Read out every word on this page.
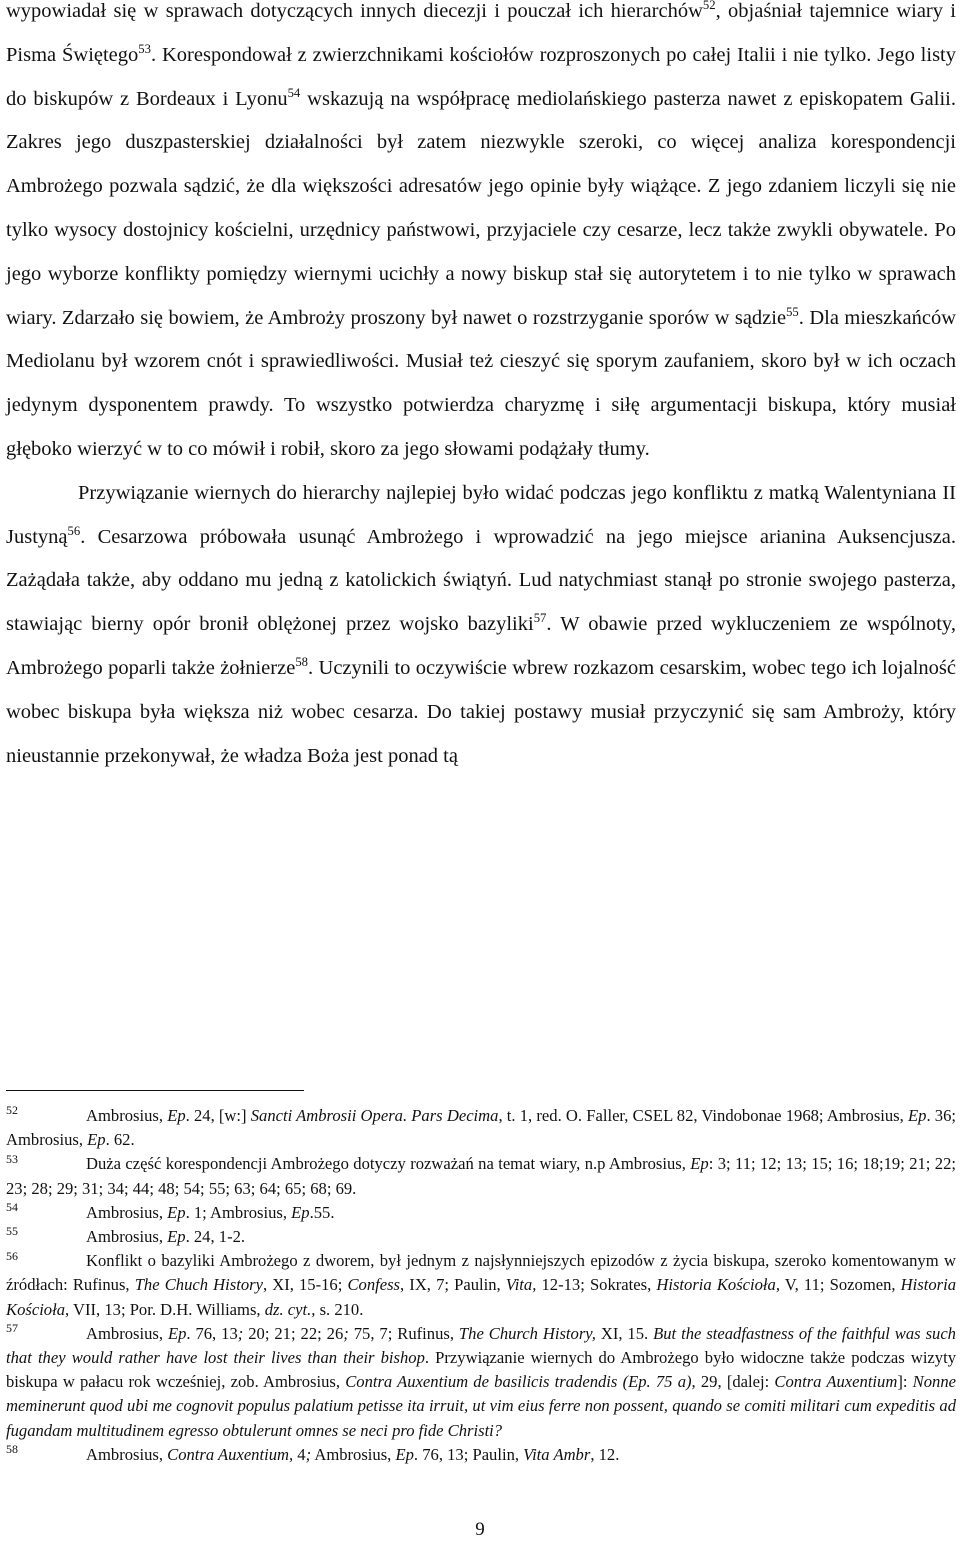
wypowiadał się w sprawach dotyczących innych diecezji i pouczał ich hierarchów$^{52}$, objaśniał tajemnice wiary i Pisma Świętego$^{53}$. Korespondował z zwierzchnikami kościołów rozproszonych po całej Italii i nie tylko. Jego listy do biskupów z Bordeaux i Lyonu$^{54}$ wskazują na współpracę mediolańskiego pasterza nawet z episkopatem Galii. Zakres jego duszpasterskiej działalności był zatem niezwykle szeroki, co więcej analiza korespondencji Ambrożego pozwala sądzić, że dla większości adresatów jego opinie były wiążące. Z jego zdaniem liczyli się nie tylko wysocy dostojnicy kościelni, urzędnicy państwowi, przyjaciele czy cesarze, lecz także zwykli obywatele. Po jego wyborze konflikty pomiędzy wiernymi ucichły a nowy biskup stał się autorytetem i to nie tylko w sprawach wiary. Zdarzało się bowiem, że Ambroży proszony był nawet o rozstrzyganie sporów w sądzie$^{55}$. Dla mieszkańców Mediolanu był wzorem cnót i sprawiedliwości. Musiał też cieszyć się sporym zaufaniem, skoro był w ich oczach jedynym dysponentem prawdy. To wszystko potwierdza charyzmę i siłę argumentacji biskupa, który musiał głęboko wierzyć w to co mówił i robił, skoro za jego słowami podążały tłumy.

Przywiązanie wiernych do hierarchy najlepiej było widać podczas jego konfliktu z matką Walentyniana II Justyną$^{56}$. Cesarzowa próbowała usunąć Ambrożego i wprowadzić na jego miejsce arianina Auksencjusza. Zażądała także, aby oddano mu jedną z katolickich świątyń. Lud natychmiast stanął po stronie swojego pasterza, stawiając bierny opór bronił oblężonej przez wojsko bazyliki$^{57}$. W obawie przed wykluczeniem ze wspólnoty, Ambrożego poparli także żołnierze$^{58}$. Uczynili to oczywiście wbrew rozkazom cesarskim, wobec tego ich lojalność wobec biskupa była większa niż wobec cesarza. Do takiej postawy musiał przyczynić się sam Ambroży, który nieustannie przekonywał, że władza Boża jest ponad tą

52	Ambrosius, Ep. 24, [w:] Sancti Ambrosii Opera. Pars Decima, t. 1, red. O. Faller, CSEL 82, Vindobonae 1968; Ambrosius, Ep. 36; Ambrosius, Ep. 62.

53	Duża część korespondencji Ambrożego dotyczy rozważań na temat wiary, n.p Ambrosius, Ep: 3; 11; 12; 13; 15; 16; 18;19; 21; 22; 23; 28; 29; 31; 34; 44; 48; 54; 55; 63; 64; 65; 68; 69.

54	Ambrosius, Ep. 1; Ambrosius, Ep.55.

55	Ambrosius, Ep. 24, 1-2.

56	Konflikt o bazyliki Ambrożego z dworem, był jednym z najsłynniejszych epizodów z życia biskupa, szeroko komentowanym w źródłach: Rufinus, The Chuch History, XI, 15-16; Confess, IX, 7; Paulin, Vita, 12-13; Sokrates, Historia Kościoła, V, 11; Sozomen, Historia Kościoła, VII, 13; Por. D.H. Williams, dz. cyt., s. 210.

57	Ambrosius, Ep. 76, 13; 20; 21; 22; 26; 75, 7; Rufinus, The Church History, XI, 15. But the steadfastness of the faithful was such that they would rather have lost their lives than their bishop. Przywiązanie wiernych do Ambrożego było widoczne także podczas wizyty biskupa w pałacu rok wcześniej, zob. Ambrosius, Contra Auxentium de basilicis tradendis (Ep. 75 a), 29, [dalej: Contra Auxentium]: Nonne meminerunt quod ubi me cognovit populus palatium petisse ita irruit, ut vim eius ferre non possent, quando se comiti militari cum expeditis ad fugandam multitudinem egresso obtulerunt omnes se neci pro fide Christi?

58	Ambrosius, Contra Auxentium, 4; Ambrosius, Ep. 76, 13; Paulin, Vita Ambr, 12.

9
